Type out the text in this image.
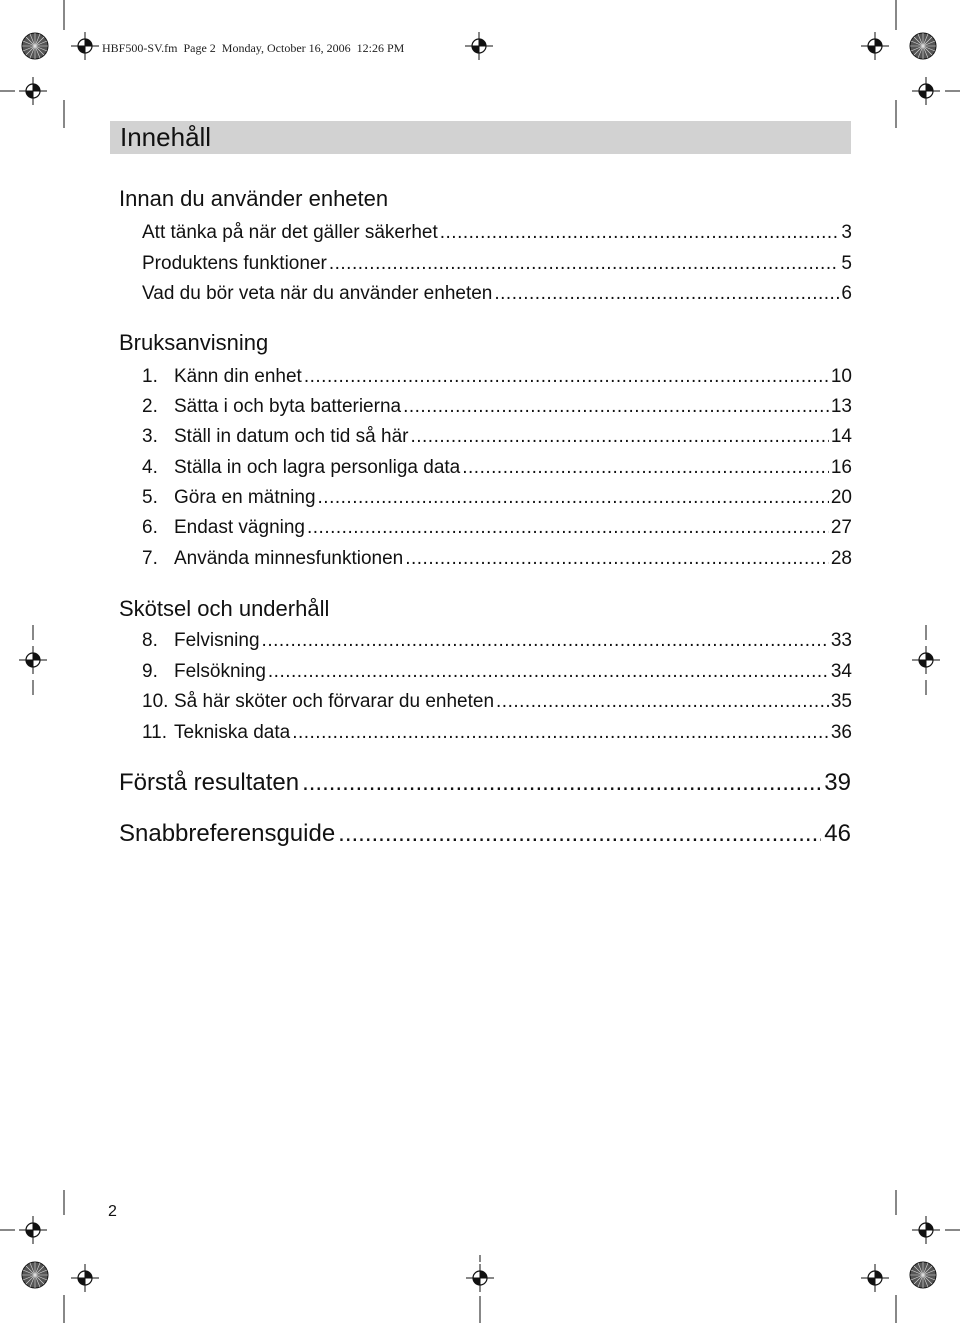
HBF500-SV.fm  Page 2  Monday, October 16, 2006  12:26 PM
Innehåll
Innan du använder enheten
Att tänka på när det gäller säkerhet .....	3
Produktens funktioner .....	5
Vad du bör veta när du använder enheten .....	6
Bruksanvisning
1. Känn din enhet .....	10
2. Sätta i och byta batterierna .....	13
3. Ställ in datum och tid så här .....	14
4. Ställa in och lagra personliga data .....	16
5. Göra en mätning .....	20
6. Endast vägning .....	27
7. Använda minnesfunktionen .....	28
Skötsel och underhåll
8. Felvisning .....	33
9. Felsökning .....	34
10. Så här sköter och förvarar du enheten .....	35
11. Tekniska data .....	36
Förstå resultaten .....	39
Snabbreferensguide .....	46
2
